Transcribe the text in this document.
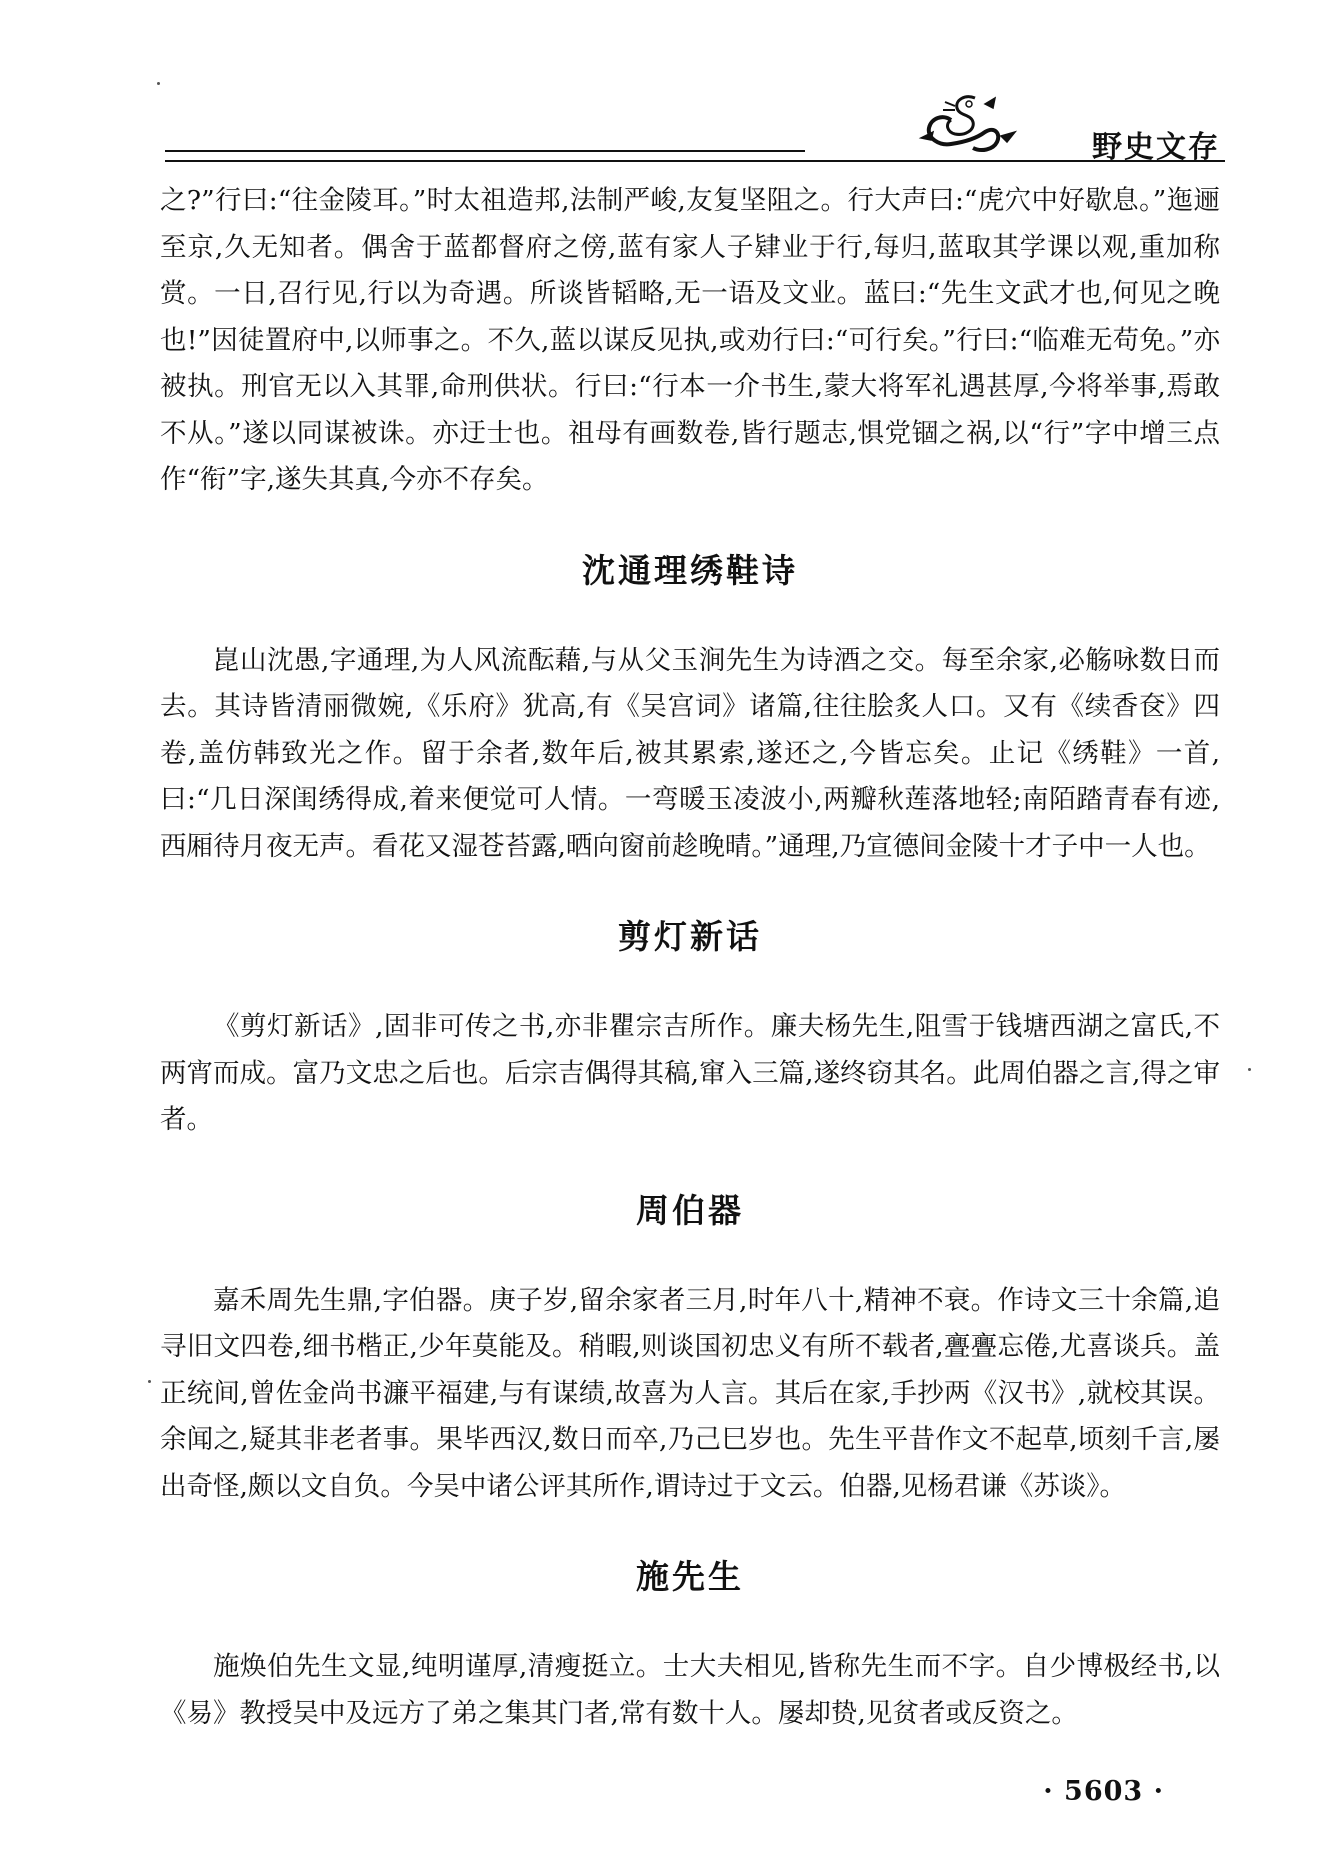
野史文存

之?”行曰:“往金陵耳。”时太祖造邦,法制严峻,友复坚阻之。行大声曰:“虎穴中好歇息。”迤逦至京,久无知者。偶舍于蓝都督府之傍,蓝有家人子肄业于行,每归,蓝取其学课以观,重加称赏。一日,召行见,行以为奇遇。所谈皆韬略,无一语及文业。蓝曰:“先生文武才也,何见之晚也!”因徒置府中,以师事之。不久,蓝以谋反见执,或劝行曰:“可行矣。”行曰:“临难无苟免。”亦被执。刑官无以入其罪,命刑供状。行曰:“行本一介书生,蒙大将军礼遇甚厚,今将举事,焉敢不从。”遂以同谋被诛。亦迂士也。祖母有画数卷,皆行题志,惧党锢之祸,以“行”字中增三点作“衔”字,遂失其真,今亦不存矣。

沈通理绣鞋诗

崑山沈愚,字通理,为人风流酝藉,与从父玉涧先生为诗酒之交。每至余家,必觞咏数日而去。其诗皆清丽微婉,《乐府》犹高,有《吴宫词》诸篇,往往脍炙人口。又有《续香奁》四卷,盖仿韩致光之作。留于余者,数年后,被其累索,遂还之,今皆忘矣。止记《绣鞋》一首,曰:“几日深闺绣得成,着来便觉可人情。一弯暖玉凌波小,两瓣秋莲落地轻;南陌踏青春有迹,西厢待月夜无声。看花又湿苍苔露,晒向窗前趁晚晴。”通理,乃宣德间金陵十才子中一人也。

剪灯新话

《剪灯新话》,固非可传之书,亦非瞿宗吉所作。廉夫杨先生,阻雪于钱塘西湖之富氏,不两宵而成。富乃文忠之后也。后宗吉偶得其稿,窜入三篇,遂终窃其名。此周伯器之言,得之审者。

周伯器

嘉禾周先生鼎,字伯器。庚子岁,留余家者三月,时年八十,精神不衰。作诗文三十余篇,追寻旧文四卷,细书楷正,少年莫能及。稍暇,则谈国初忠义有所不载者,亹亹忘倦,尤喜谈兵。盖正统间,曾佐金尚书濂平福建,与有谋绩,故喜为人言。其后在家,手抄两《汉书》,就校其误。余闻之,疑其非老者事。果毕西汉,数日而卒,乃己巳岁也。先生平昔作文不起草,顷刻千言,屡出奇怪,颇以文自负。今吴中诸公评其所作,谓诗过于文云。伯器,见杨君谦《苏谈》。

施先生

施焕伯先生文显,纯明谨厚,清瘦挺立。士大夫相见,皆称先生而不字。自少博极经书,以《易》教授吴中及远方了弟之集其门者,常有数十人。屡却贽,见贫者或反资之。

· 5603 ·
